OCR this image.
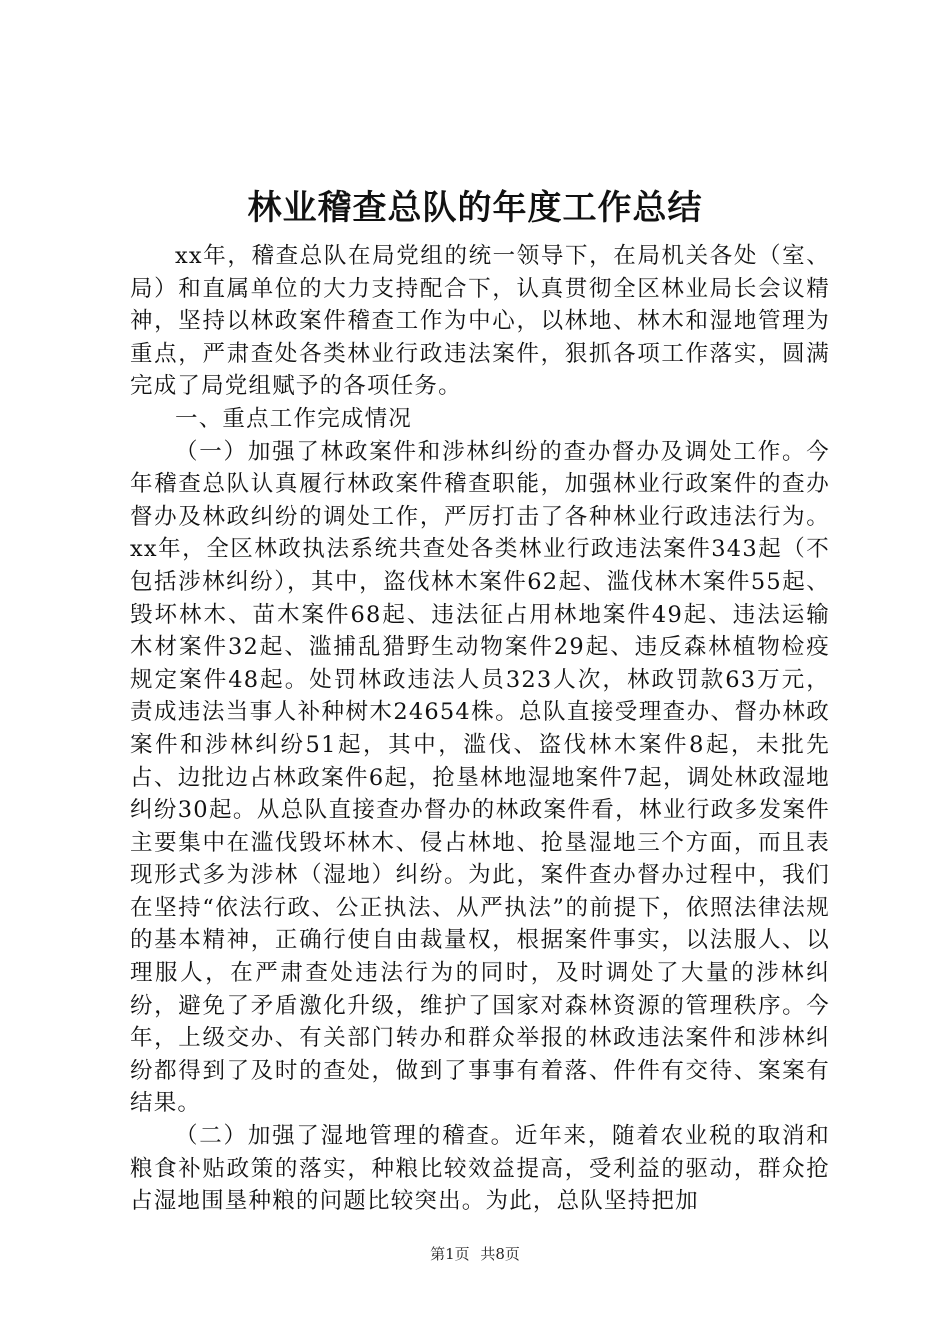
林业稽查总队的年度工作总结

xx年，稽查总队在局党组的统一领导下，在局机关各处（室、局）和直属单位的大力支持配合下，认真贯彻全区林业局长会议精神，坚持以林政案件稽查工作为中心，以林地、林木和湿地管理为重点，严肃查处各类林业行政违法案件，狠抓各项工作落实，圆满完成了局党组赋予的各项任务。

一、重点工作完成情况

（一）加强了林政案件和涉林纠纷的查办督办及调处工作。今年稽查总队认真履行林政案件稽查职能，加强林业行政案件的查办督办及林政纠纷的调处工作，严厉打击了各种林业行政违法行为。xx年，全区林政执法系统共查处各类林业行政违法案件343起（不包括涉林纠纷），其中，盗伐林木案件62起、滥伐林木案件55起、毁坏林木、苗木案件68起、违法征占用林地案件49起、违法运输木材案件32起、滥捕乱猎野生动物案件29起、违反森林植物检疫规定案件48起。处罚林政违法人员323人次，林政罚款63万元，责成违法当事人补种树木24654株。总队直接受理查办、督办林政案件和涉林纠纷51起，其中，滥伐、盗伐林木案件8起，未批先占、边批边占林政案件6起，抢垦林地湿地案件7起，调处林政湿地纠纷30起。从总队直接查办督办的林政案件看，林业行政多发案件主要集中在滥伐毁坏林木、侵占林地、抢垦湿地三个方面，而且表现形式多为涉林（湿地）纠纷。为此，案件查办督办过程中，我们在坚持“依法行政、公正执法、从严执法”的前提下，依照法律法规的基本精神，正确行使自由裁量权，根据案件事实，以法服人、以理服人，在严肃查处违法行为的同时，及时调处了大量的涉林纠纷，避免了矛盾激化升级，维护了国家对森林资源的管理秩序。今年，上级交办、有关部门转办和群众举报的林政违法案件和涉林纠纷都得到了及时的查处，做到了事事有着落、件件有交待、案案有结果。

（二）加强了湿地管理的稽查。近年来，随着农业税的取消和粮食补贴政策的落实，种粮比较效益提高，受利益的驱动，群众抢占湿地围垦种粮的问题比较突出。为此，总队坚持把加

第1页 共8页
